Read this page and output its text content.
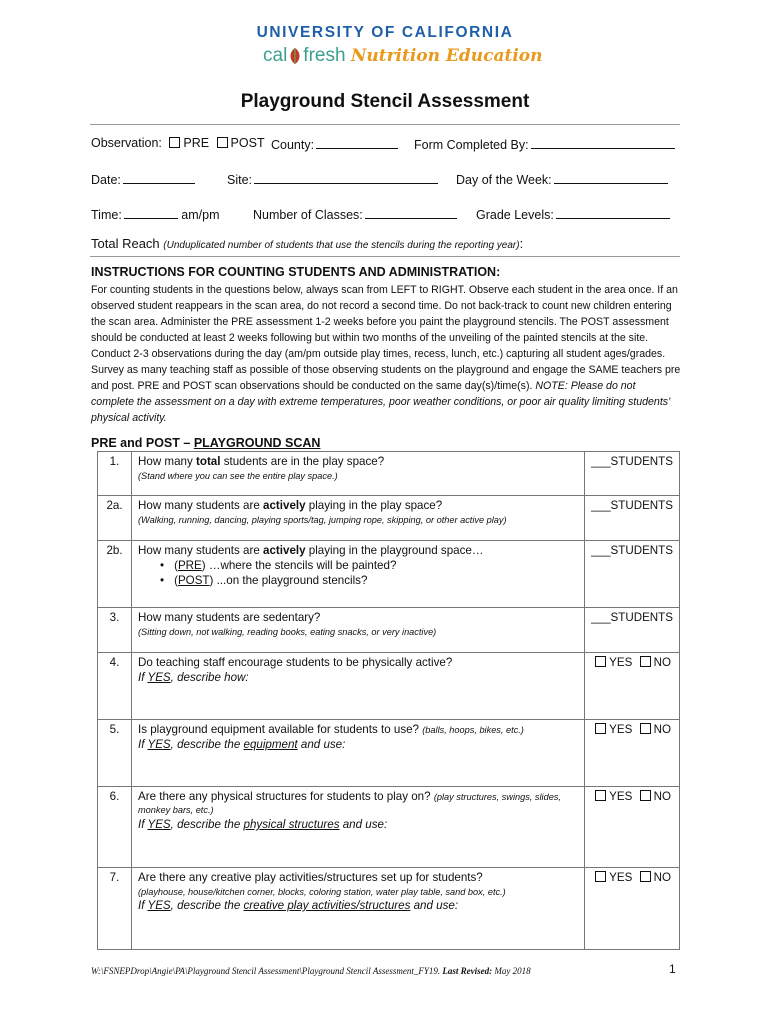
UNIVERSITY OF CALIFORNIA
cal fresh Nutrition Education
Playground Stencil Assessment
Observation: PRE POST County:	Form Completed By:
Date:	Site:	Day of the Week:
Time:	am/pm	Number of Classes:	Grade Levels:
Total Reach (Unduplicated number of students that use the stencils during the reporting year):
INSTRUCTIONS FOR COUNTING STUDENTS AND ADMINISTRATION:
For counting students in the questions below, always scan from LEFT to RIGHT. Observe each student in the area once. If an observed student reappears in the scan area, do not record a second time. Do not back-track to count new children entering the scan area. Administer the PRE assessment 1-2 weeks before you paint the playground stencils. The POST assessment should be conducted at least 2 weeks following but within two months of the unveiling of the painted stencils at the site. Conduct 2-3 observations during the day (am/pm outside play times, recess, lunch, etc.) capturing all student ages/grades. Survey as many teaching staff as possible of those observing students on the playground and engage the SAME teachers pre and post. PRE and POST scan observations should be conducted on the same day(s)/time(s). NOTE: Please do not complete the assessment on a day with extreme temperatures, poor weather conditions, or poor air quality limiting students’ physical activity.
PRE and POST – PLAYGROUND SCAN
1.	How many total students are in the play space?
(Stand where you can see the entire play space.)	___STUDENTS
2a.	How many students are actively playing in the play space?
(Walking, running, dancing, playing sports/tag, jumping rope, skipping, or other active play)	___STUDENTS
2b.	How many students are actively playing in the playground space…
• (PRE) …where the stencils will be painted?
• (POST) ...on the playground stencils?	___STUDENTS
3.	How many students are sedentary?
(Sitting down, not walking, reading books, eating snacks, or very inactive)	___STUDENTS
4.	Do teaching staff encourage students to be physically active?
If YES, describe how:	YES NO
5.	Is playground equipment available for students to use? (balls, hoops, bikes, etc.)
If YES, describe the equipment and use:	YES NO
6.	Are there any physical structures for students to play on? (play structures, swings, slides, monkey bars, etc.)
If YES, describe the physical structures and use:	YES NO
7.	Are there any creative play activities/structures set up for students?
(playhouse, house/kitchen corner, blocks, coloring station, water play table, sand box, etc.)
If YES, describe the creative play activities/structures and use:	YES NO
W:\FSNEPDrop\Angie\PA\Playground Stencil Assessment\Playground Stencil Assessment_FY19. Last Revised: May 2018	1
